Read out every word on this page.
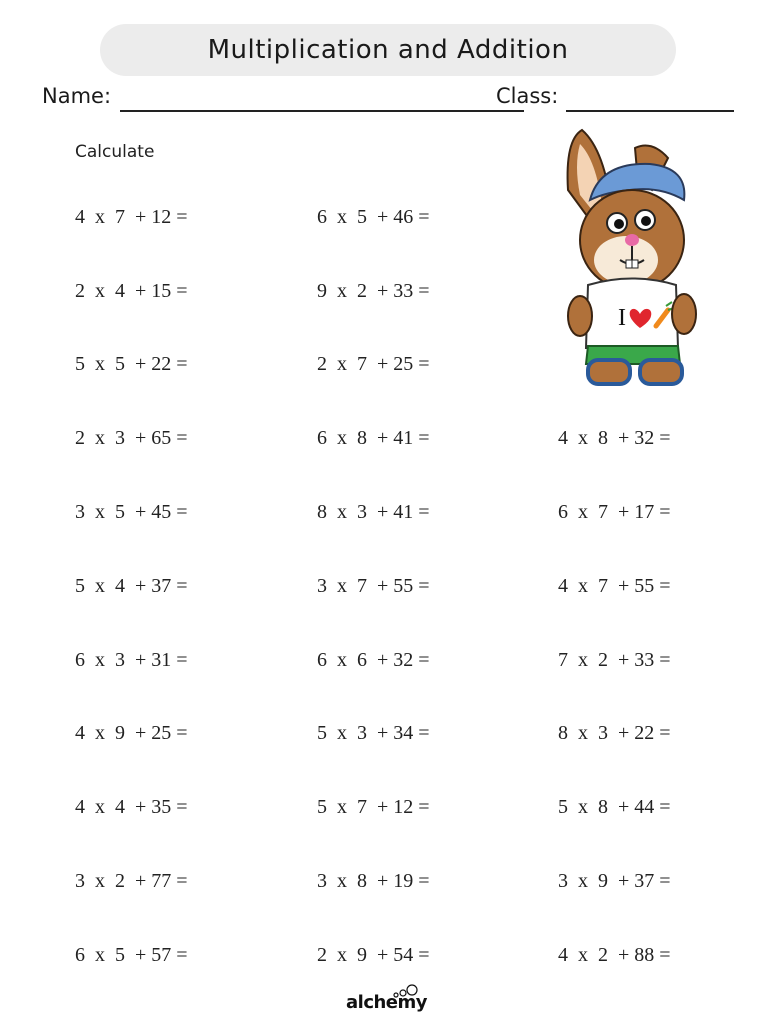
Multiplication and Addition
Name:	Class:
Calculate
4  x  7  + 12 =	6  x  5  + 46 =
2  x  4  + 15 =	9  x  2  + 33 =
5  x  5  + 22 =	2  x  7  + 25 =
2  x  3  + 65 =	6  x  8  + 41 =	4  x  8  + 32 =
3  x  5  + 45 =	8  x  3  + 41 =	6  x  7  + 17 =
5  x  4  + 37 =	3  x  7  + 55 =	4  x  7  + 55 =
6  x  3  + 31 =	6  x  6  + 32 =	7  x  2  + 33 =
4  x  9  + 25 =	5  x  3  + 34 =	8  x  3  + 22 =
4  x  4  + 35 =	5  x  7  + 12 =	5  x  8  + 44 =
3  x  2  + 77 =	3  x  8  + 19 =	3  x  9  + 37 =
6  x  5  + 57 =	2  x  9  + 54 =	4  x  2  + 88 =
I
alchemy
